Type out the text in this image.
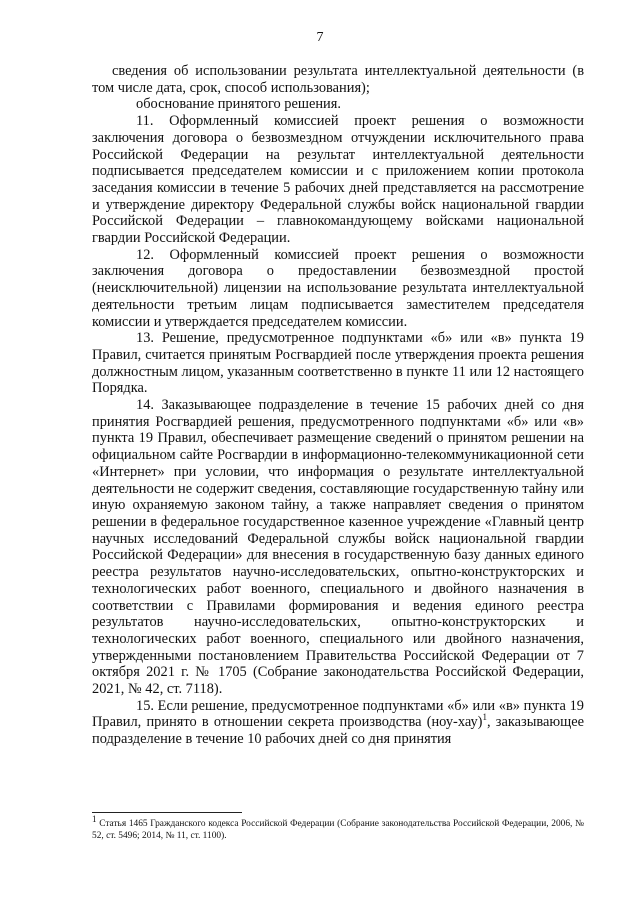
7

сведения об использовании результата интеллектуальной деятельности (в том числе дата, срок, способ использования);

обоснование принятого решения.

11. Оформленный комиссией проект решения о возможности заключения договора о безвозмездном отчуждении исключительного права Российской Федерации на результат интеллектуальной деятельности подписывается председателем комиссии и с приложением копии протокола заседания комиссии в течение 5 рабочих дней представляется на рассмотрение и утверждение директору Федеральной службы войск национальной гвардии Российской Федерации – главнокомандующему войсками национальной гвардии Российской Федерации.

12. Оформленный комиссией проект решения о возможности заключения договора о предоставлении безвозмездной простой (неисключительной) лицензии на использование результата интеллектуальной деятельности третьим лицам подписывается заместителем председателя комиссии и утверждается председателем комиссии.

13. Решение, предусмотренное подпунктами «б» или «в» пункта 19 Правил, считается принятым Росгвардией после утверждения проекта решения должностным лицом, указанным соответственно в пункте 11 или 12 настоящего Порядка.

14. Заказывающее подразделение в течение 15 рабочих дней со дня принятия Росгвардией решения, предусмотренного подпунктами «б» или «в» пункта 19 Правил, обеспечивает размещение сведений о принятом решении на официальном сайте Росгвардии в информационно-телекоммуникационной сети «Интернет» при условии, что информация о результате интеллектуальной деятельности не содержит сведения, составляющие государственную тайну или иную охраняемую законом тайну, а также направляет сведения о принятом решении в федеральное государственное казенное учреждение «Главный центр научных исследований Федеральной службы войск национальной гвардии Российской Федерации» для внесения в государственную базу данных единого реестра результатов научно-исследовательских, опытно-конструкторских и технологических работ военного, специального и двойного назначения в соответствии с Правилами формирования и ведения единого реестра результатов научно-исследовательских, опытно-конструкторских и технологических работ военного, специального или двойного назначения, утвержденными постановлением Правительства Российской Федерации от 7 октября 2021 г. № 1705 (Собрание законодательства Российской Федерации, 2021, № 42, ст. 7118).

15. Если решение, предусмотренное подпунктами «б» или «в» пункта 19 Правил, принято в отношении секрета производства $(ноу-хау)^1$, заказывающее подразделение в течение 10 рабочих дней со дня принятия

$^1$ Статья 1465 Гражданского кодекса Российской Федерации (Собрание законодательства Российской Федерации, 2006, № 52, ст. 5496; 2014, № 11, ст. 1100).
